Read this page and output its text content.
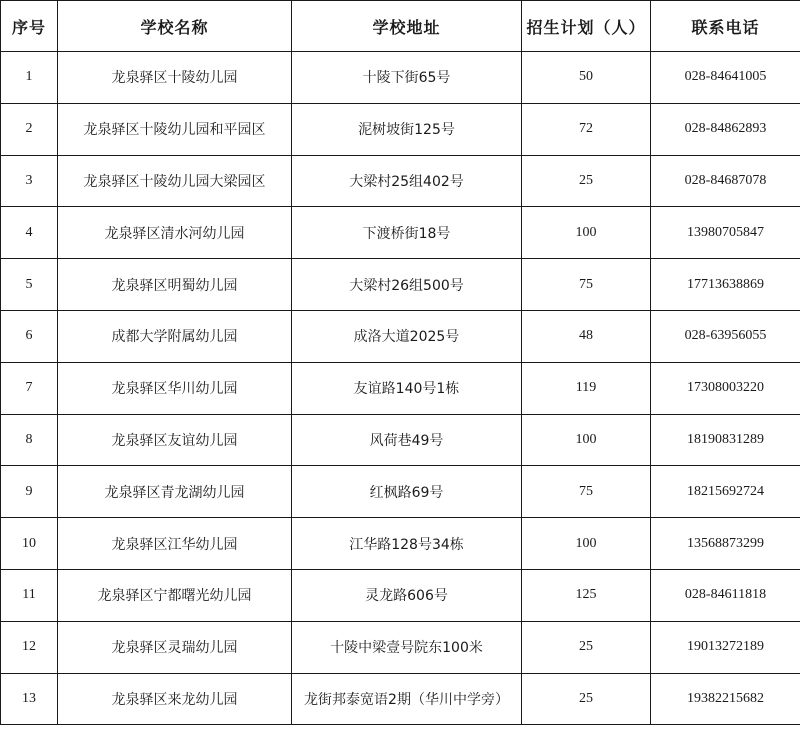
序号	学校名称	学校地址	招生计划（人）	联系电话
1	龙泉驿区十陵幼儿园	十陵下街65号	50	028-84641005
2	龙泉驿区十陵幼儿园和平园区	泥树坡街125号	72	028-84862893
3	龙泉驿区十陵幼儿园大梁园区	大梁村25组402号	25	028-84687078
4	龙泉驿区清水河幼儿园	下渡桥街18号	100	13980705847
5	龙泉驿区明蜀幼儿园	大梁村26组500号	75	17713638869
6	成都大学附属幼儿园	成洛大道2025号	48	028-63956055
7	龙泉驿区华川幼儿园	友谊路140号1栋	119	17308003220
8	龙泉驿区友谊幼儿园	风荷巷49号	100	18190831289
9	龙泉驿区青龙湖幼儿园	红枫路69号	75	18215692724
10	龙泉驿区江华幼儿园	江华路128号34栋	100	13568873299
11	龙泉驿区宁都曙光幼儿园	灵龙路606号	125	028-84611818
12	龙泉驿区灵瑞幼儿园	十陵中梁壹号院东100米	25	19013272189
13	龙泉驿区来龙幼儿园	龙街邦泰宽语2期（华川中学旁）	25	19382215682
